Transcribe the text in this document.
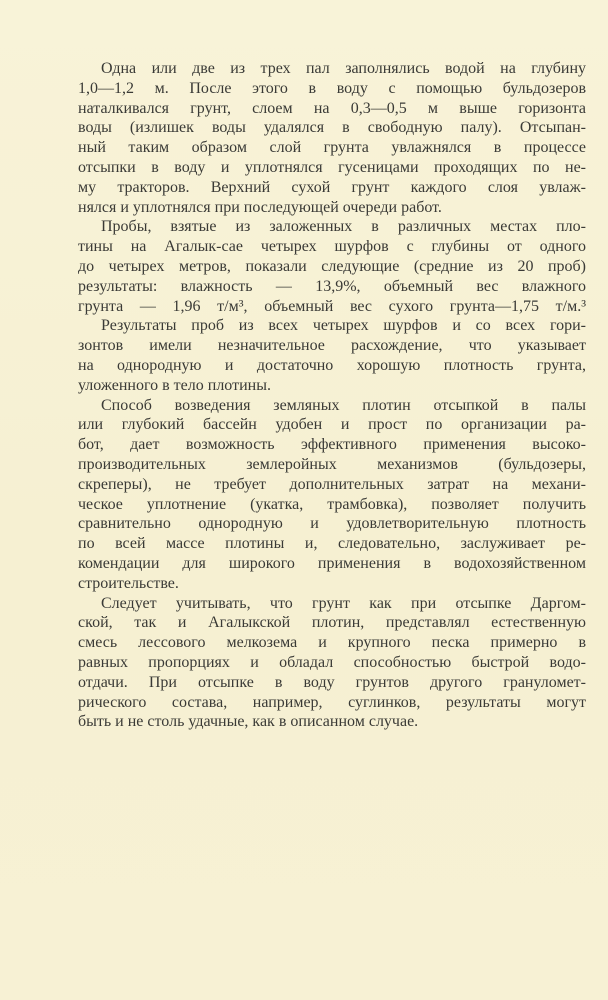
Одна или две из трех пал заполнялись водой на глубину
1,0—1,2 м. После этого в воду с помощью бульдозеров
наталкивался грунт, слоем на 0,3—0,5 м выше горизонта
воды (излишек воды удалялся в свободную палу). Отсыпан-
ный таким образом слой грунта увлажнялся в процессе
отсыпки в воду и уплотнялся гусеницами проходящих по не-
му тракторов. Верхний сухой грунт каждого слоя увлаж-
нялся и уплотнялся при последующей очереди работ.
Пробы, взятые из заложенных в различных местах пло-
тины на Агалык-сае четырех шурфов с глубины от одного
до четырех метров, показали следующие (средние из 20 проб)
результаты: влажность — 13,9%, объемный вес влажного
грунта — 1,96 т/м³, объемный вес сухого грунта—1,75 т/м.³
Результаты проб из всех четырех шурфов и со всех гори-
зонтов имели незначительное расхождение, что указывает
на однородную и достаточно хорошую плотность грунта,
уложенного в тело плотины.
Способ возведения земляных плотин отсыпкой в палы
или глубокий бассейн удобен и прост по организации ра-
бот, дает возможность эффективного применения высоко-
производительных землеройных механизмов (бульдозеры,
скреперы), не требует дополнительных затрат на механи-
ческое уплотнение (укатка, трамбовка), позволяет получить
сравнительно однородную и удовлетворительную плотность
по всей массе плотины и, следовательно, заслуживает ре-
комендации для широкого применения в водохозяйственном
строительстве.
Следует учитывать, что грунт как при отсыпке Даргом-
ской, так и Агалыкской плотин, представлял естественную
смесь лессового мелкозема и крупного песка примерно в
равных пропорциях и обладал способностью быстрой водо-
отдачи. При отсыпке в воду грунтов другого грануломет-
рического состава, например, суглинков, результаты могут
быть и не столь удачные, как в описанном случае.
